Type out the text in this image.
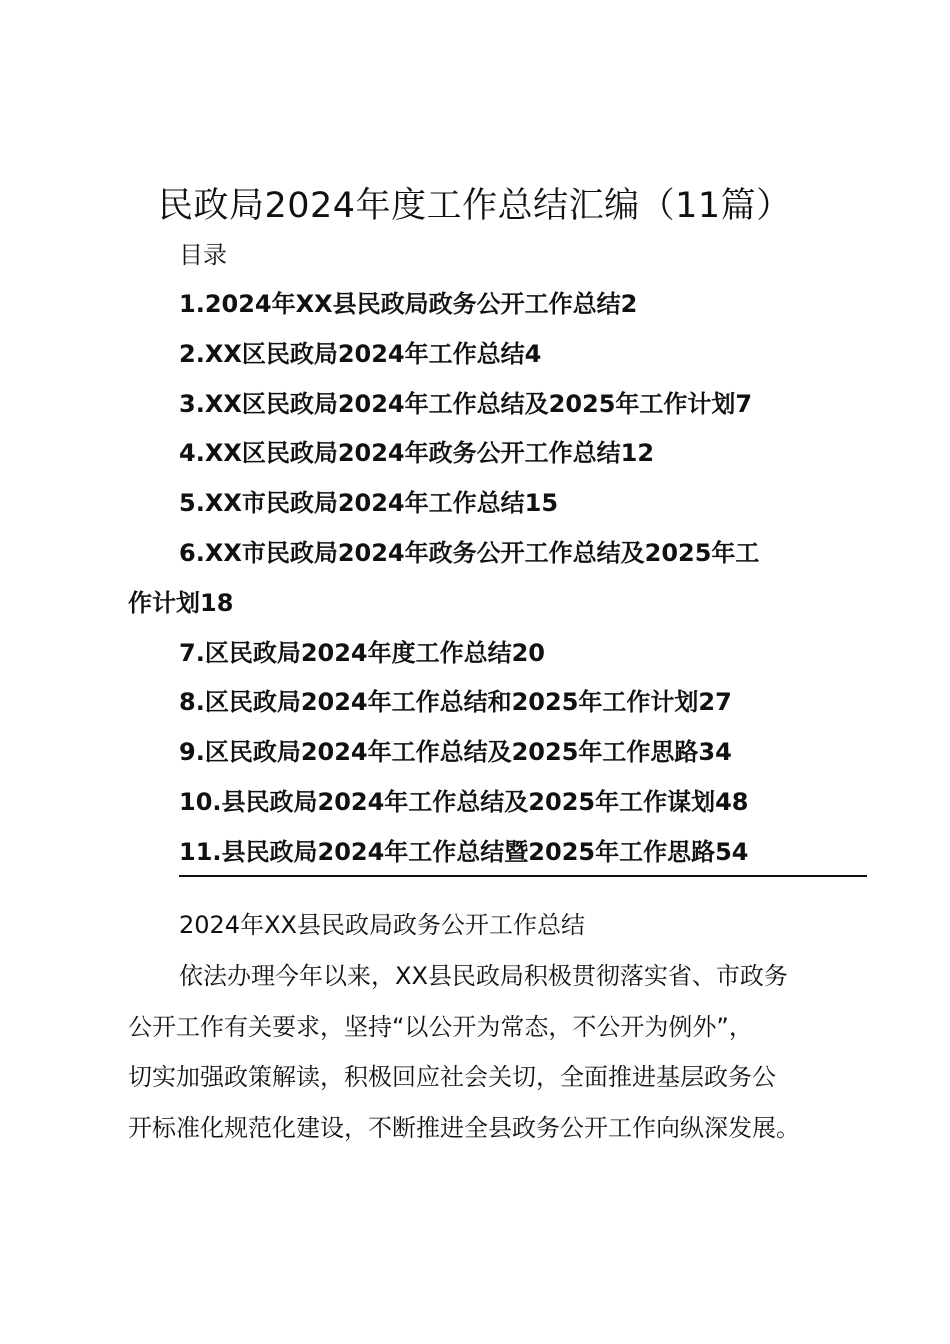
民政局2024年度工作总结汇编（11篇）
目录
1.2024年XX县民政局政务公开工作总结2
2.XX区民政局2024年工作总结4
3.XX区民政局2024年工作总结及2025年工作计划7
4.XX区民政局2024年政务公开工作总结12
5.XX市民政局2024年工作总结15
6.XX市民政局2024年政务公开工作总结及2025年工
作计划18
7.区民政局2024年度工作总结20
8.区民政局2024年工作总结和2025年工作计划27
9.区民政局2024年工作总结及2025年工作思路34
10.县民政局2024年工作总结及2025年工作谋划48
11.县民政局2024年工作总结暨2025年工作思路54
2024年XX县民政局政务公开工作总结
依法办理今年以来，XX县民政局积极贯彻落实省、市政务
公开工作有关要求，坚持“以公开为常态，不公开为例外”，
切实加强政策解读，积极回应社会关切，全面推进基层政务公
开标准化规范化建设，不断推进全县政务公开工作向纵深发展。
